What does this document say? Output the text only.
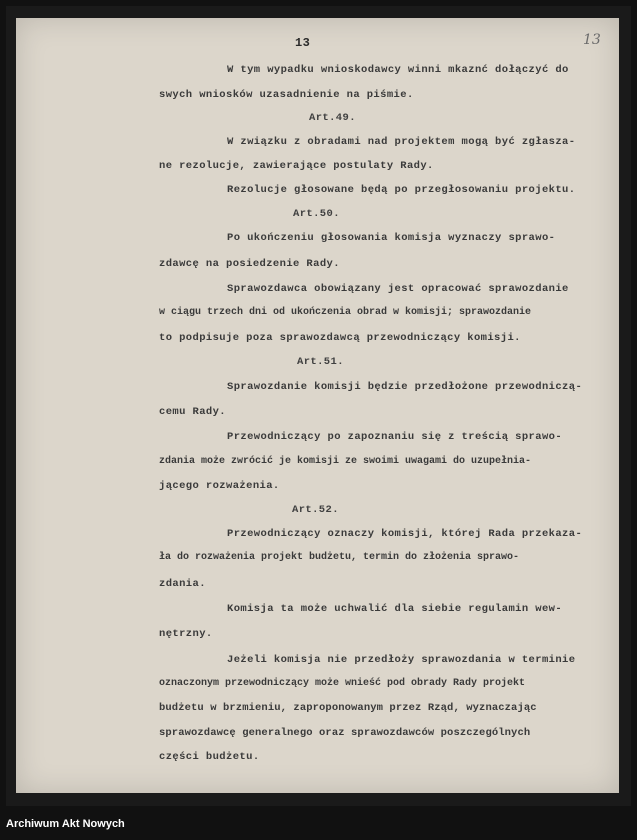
13	13
W tym wypadku wnioskodawcy winni mkaznć dołączyć do
swych wniosków uzasadnienie na piśmie.
Art.49.
W związku z obradami nad projektem mogą być zgłasza-
ne rezolucje, zawierające postulaty Rady.
Rezolucje głosowane będą po przegłosowaniu projektu.
Art.50.
Po ukończeniu głosowania komisja wyznaczy sprawo-
zdawcę na posiedzenie Rady.
Sprawozdawca obowiązany jest opracować sprawozdanie
w ciągu trzech dni od ukończenia obrad w komisji; sprawozdanie
to podpisuje poza sprawozdawcą przewodniczący komisji.
Art.51.
Sprawozdanie komisji będzie przedłożone przewodniczą-
cemu Rady.
Przewodniczący po zapoznaniu się z treścią sprawo-
zdania może zwrócić je komisji ze swoimi uwagami do uzupełnia-
jącego rozważenia.
Art.52.
Przewodniczący oznaczy komisji, której Rada przekaza-
ła do rozważenia projekt budżetu, termin do złożenia sprawo-
zdania.
Komisja ta może uchwalić dla siebie regulamin wew-
nętrzny.
Jeżeli komisja nie przedłoży sprawozdania w terminie
oznaczonym przewodniczący może wnieść pod obrady Rady projekt
budżetu w brzmieniu, zaproponowanym przez Rząd, wyznaczając
sprawozdawcę generalnego oraz sprawozdawców poszczególnych
części budżetu.
Archiwum Akt Nowych
